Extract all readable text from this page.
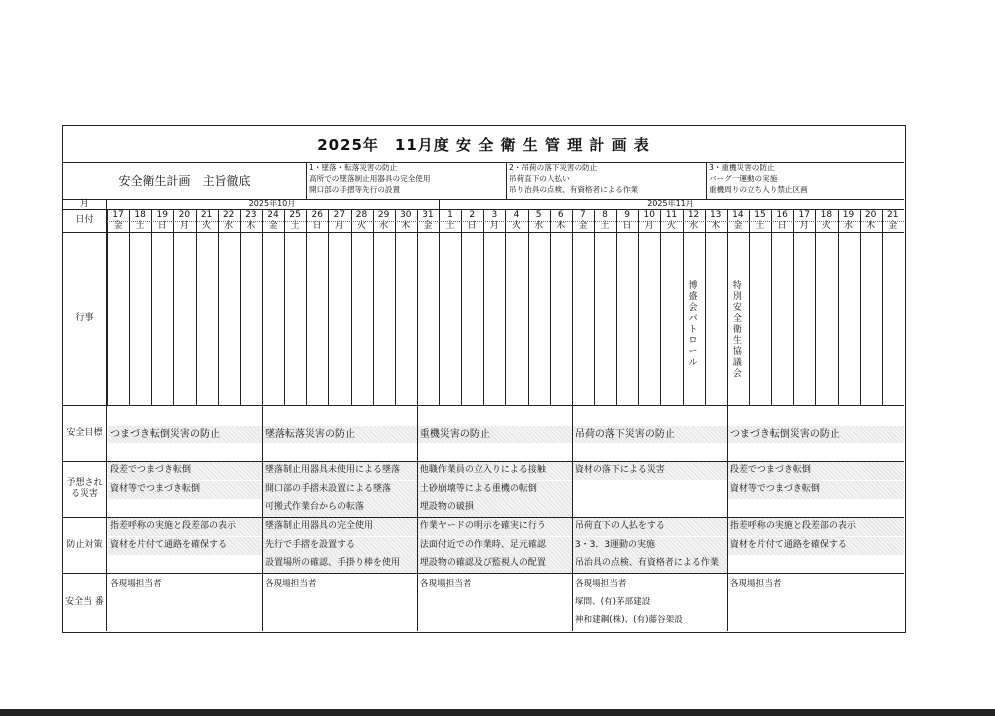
2025年　11月度 安 全 衛 生 管 理 計 画 表
安全衛生計画　主旨徹底
1・墜落・転落災害の防止
高所での墜落制止用器具の完全使用
開口部の手摺等先行の設置
2・吊荷の落下災害の防止
吊荷直下の人払い
吊り治具の点検、有資格者による作業
3・重機災害の防止
バーグ一運動の実施
重機周りの立ち入り禁止区画
月
日付
行事
安全目標
予想され る災害
防止対策
安全当 番
2025年10月	2025年11月
17
金
18
土
19
日
20
月
21
火
22
水
23
木
24
金
25
土
26
日
27
月
28
火
29
水
30
木
31
金
1
土
2
日
3
月
4
火
5
水
6
木
7
金
8
土
9
日
10
月
11
火
12
水
13
木
14
金
15
土
16
日
17
月
18
火
19
水
20
木
21
金
博盛会パトロール
特別安全衛生協議会
つまづき転倒災害の防止
段差でつまづき転倒
資材等でつまづき転倒
指差呼称の実施と段差部の表示
資材を片付て通路を確保する
各現場担当者
墜落転落災害の防止
墜落制止用器具未使用による墜落
開口部の手摺未設置による墜落
可搬式作業台からの転落
墜落制止用器具の完全使用
先行で手摺を設置する
設置場所の確認、手掛り棒を使用
各現場担当者
重機災害の防止
他職作業員の立入りによる接触
土砂崩壊等による重機の転倒
埋設物の破損
作業ヤードの明示を確実に行う
法面付近での作業時、足元確認
埋設物の確認及び監視人の配置
各現場担当者
吊荷の落下災害の防止
資材の落下による災害
吊荷直下の人払をする
3・3．3運動の実施
吊治具の点検、有資格者による作業
各現場担当者
塚間、(有)茅部建設
神和建鋼(株)、(有)藤谷架設
つまづき転倒災害の防止
段差でつまづき転倒
資材等でつまづき転倒
指差呼称の実施と段差部の表示
資材を片付て通路を確保する
各現場担当者
